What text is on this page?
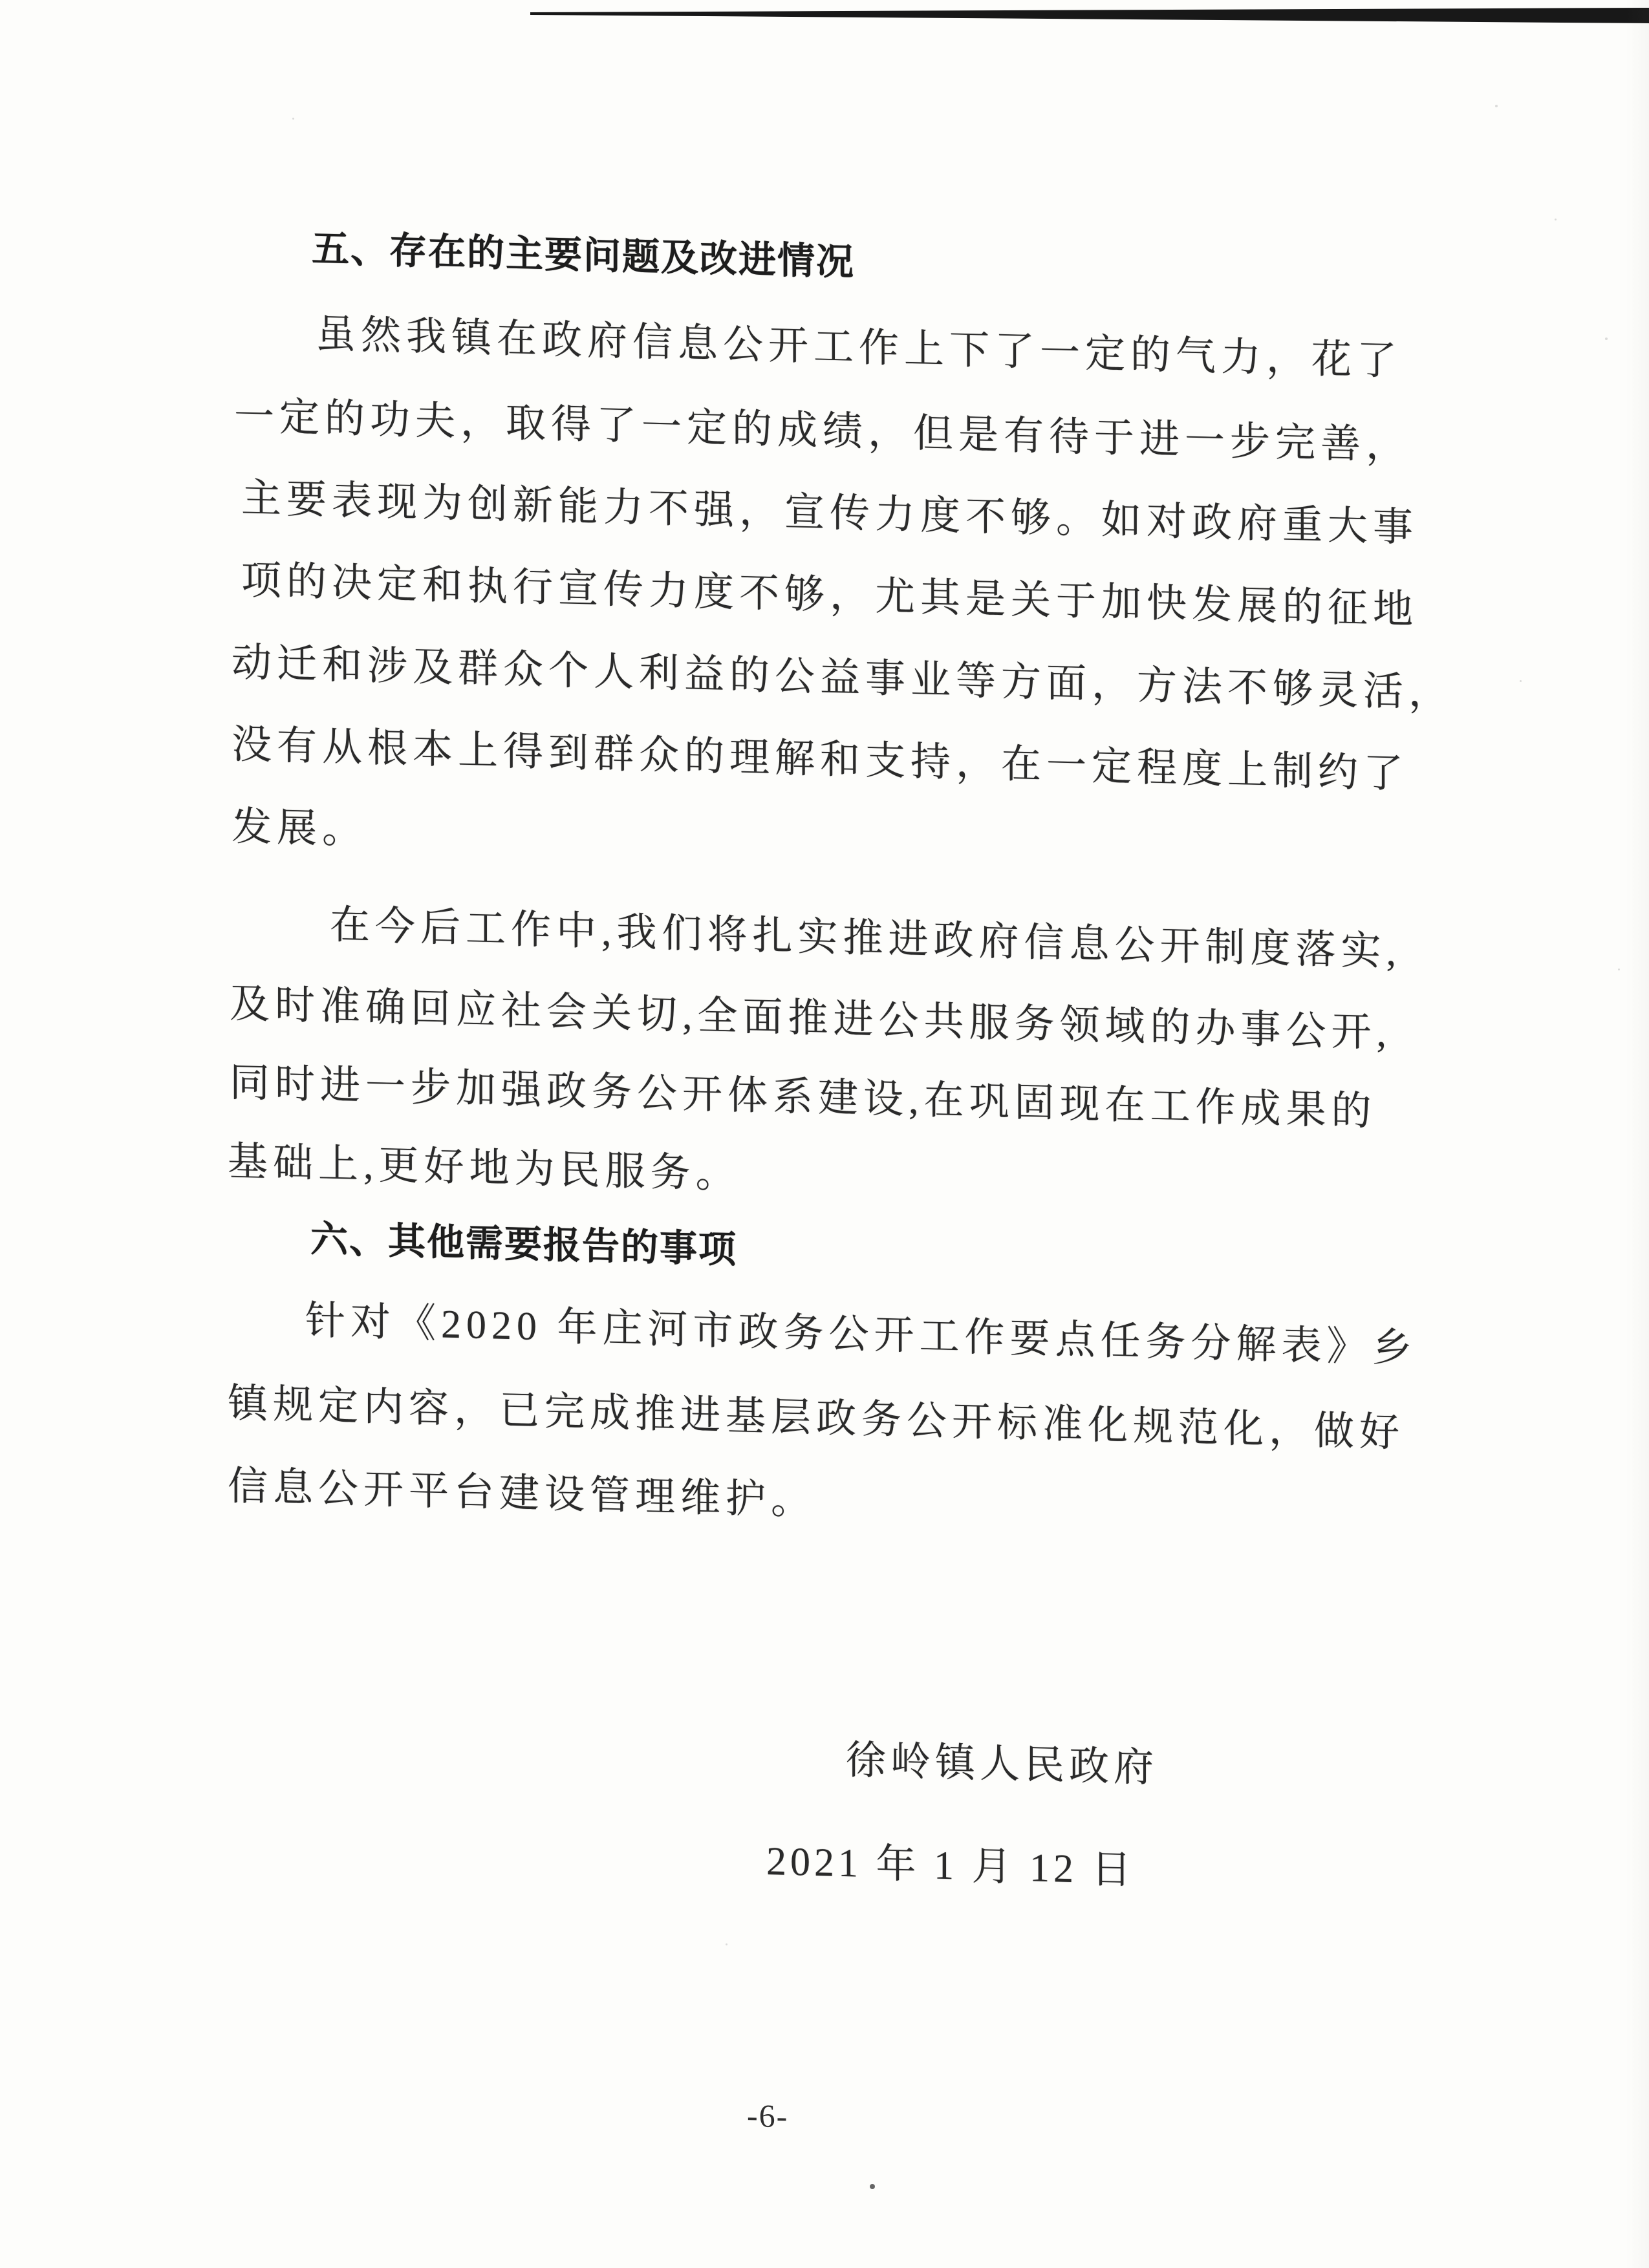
五、存在的主要问题及改进情况
虽然我镇在政府信息公开工作上下了一定的气力，花了
一定的功夫，取得了一定的成绩，但是有待于进一步完善，
主要表现为创新能力不强，宣传力度不够。如对政府重大事
项的决定和执行宣传力度不够，尤其是关于加快发展的征地
动迁和涉及群众个人利益的公益事业等方面，方法不够灵活，
没有从根本上得到群众的理解和支持，在一定程度上制约了
发展。
在今后工作中,我们将扎实推进政府信息公开制度落实,
及时准确回应社会关切,全面推进公共服务领域的办事公开,
同时进一步加强政务公开体系建设,在巩固现在工作成果的
基础上,更好地为民服务。
六、其他需要报告的事项
针对《2020 年庄河市政务公开工作要点任务分解表》乡
镇规定内容，已完成推进基层政务公开标准化规范化，做好
信息公开平台建设管理维护。
徐岭镇人民政府
2021 年 1 月 12 日
-6-
